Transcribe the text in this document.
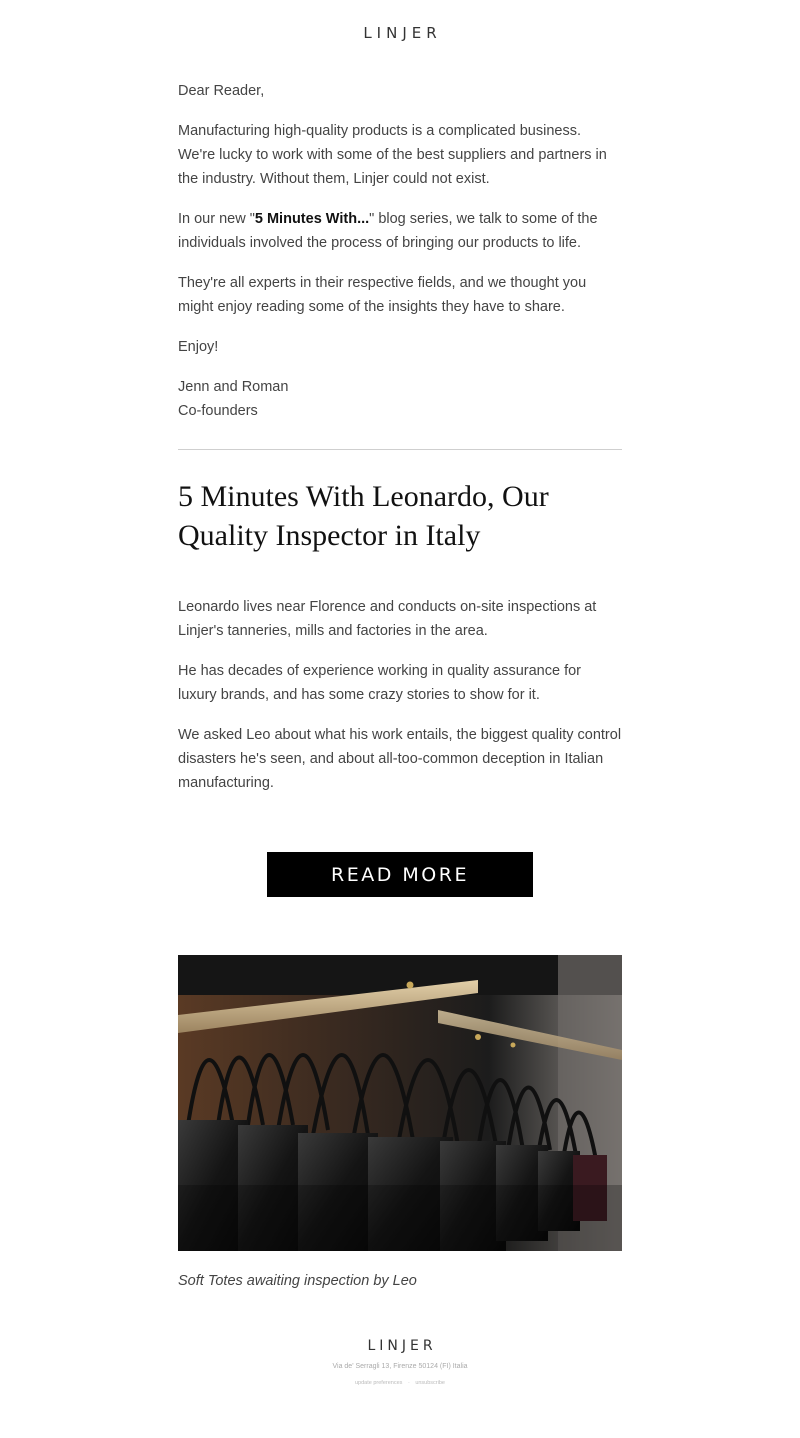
LINJER

Dear Reader,

Manufacturing high-quality products is a complicated business. We're lucky to work with some of the best suppliers and partners in the industry. Without them, Linjer could not exist.

In our new "5 Minutes With..." blog series, we talk to some of the individuals involved the process of bringing our products to life.

They're all experts in their respective fields, and we thought you might enjoy reading some of the insights they have to share.

Enjoy!

Jenn and Roman
Co-founders
5 Minutes With Leonardo, Our Quality Inspector in Italy

Leonardo lives near Florence and conducts on-site inspections at Linjer's tanneries, mills and factories in the area.

He has decades of experience working in quality assurance for luxury brands, and has some crazy stories to show for it.

We asked Leo about what his work entails, the biggest quality control disasters he's seen, and about all-too-common deception in Italian manufacturing.

READ MORE
Soft Totes awaiting inspection by Leo
LINJER
Via de' Serragli 13, Firenze 50124 (FI) Italia
update preferences · unsubscribe
